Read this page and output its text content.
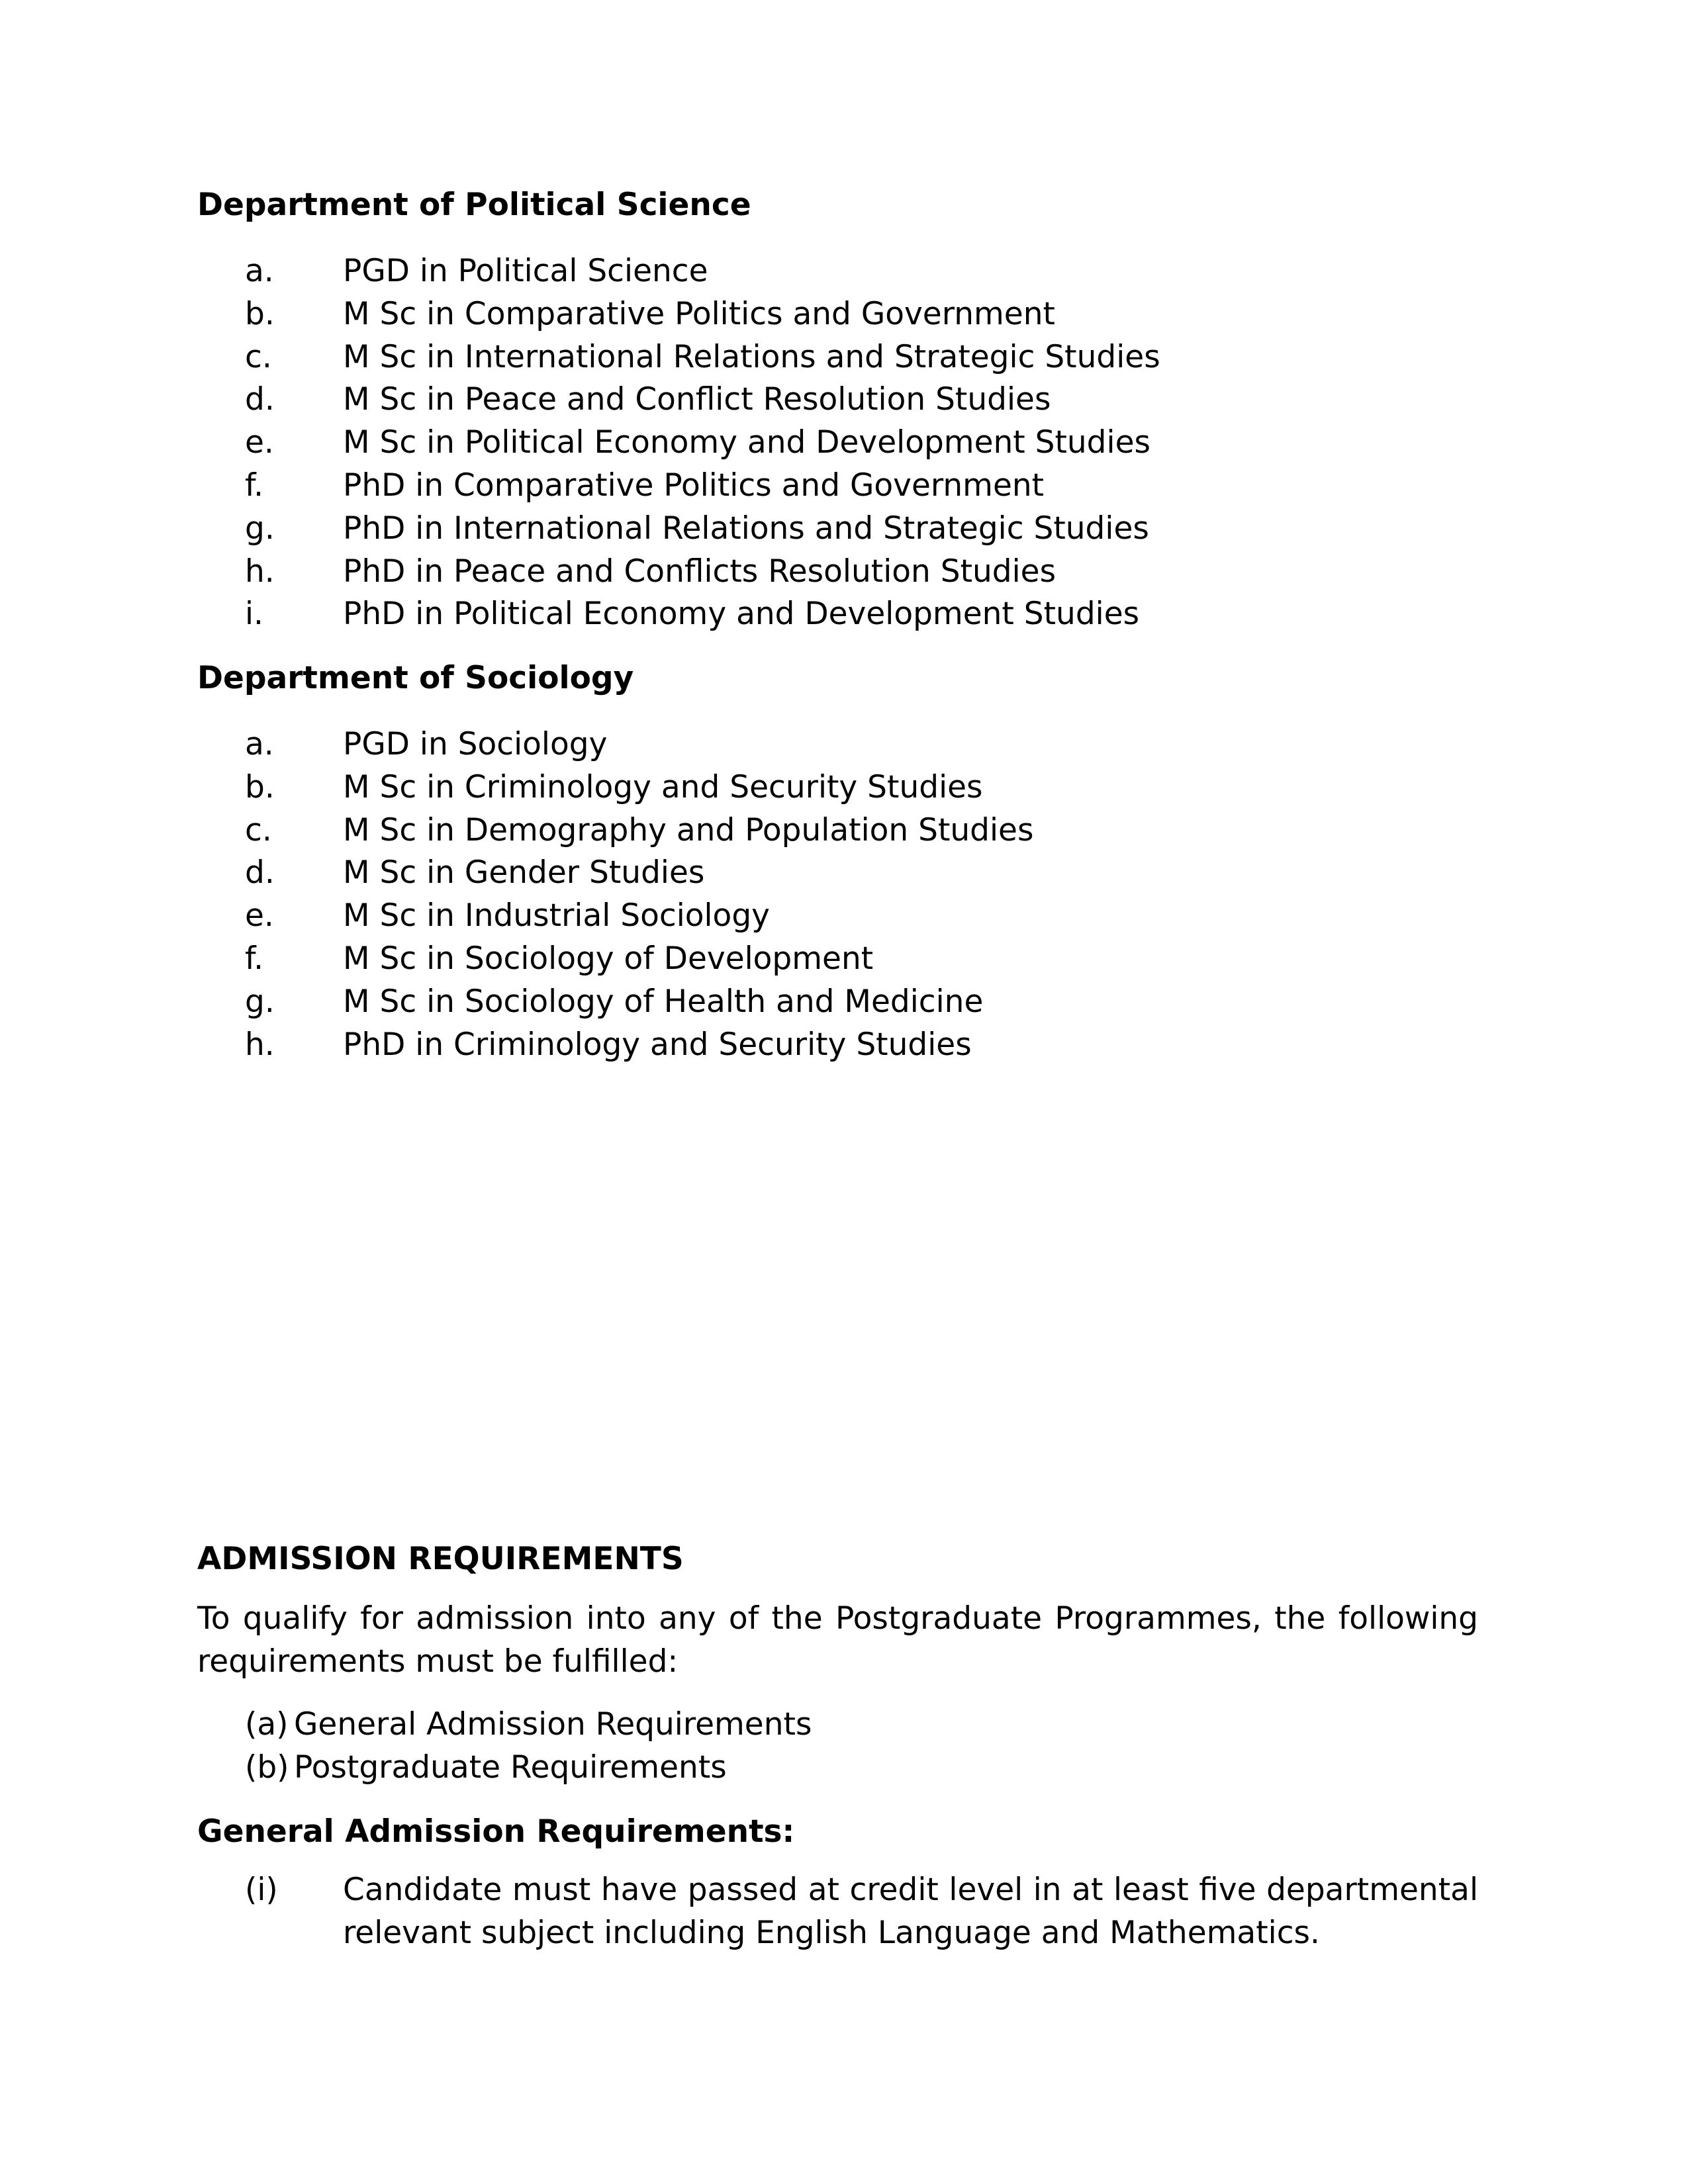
Department of Political Science
a.	PGD in Political Science
b.	M Sc in Comparative Politics and Government
c.	M Sc in International Relations and Strategic Studies
d.	M Sc in Peace and Conflict Resolution Studies
e.	M Sc in Political Economy and Development Studies
f.	PhD in Comparative Politics and Government
g.	PhD in International Relations and Strategic Studies
h.	PhD in Peace and Conflicts Resolution Studies
i.	PhD in Political Economy and Development Studies
Department of Sociology
a.	PGD in Sociology
b.	M Sc in Criminology and Security Studies
c.	M Sc in Demography and Population Studies
d.	M Sc in Gender Studies
e.	M Sc in Industrial Sociology
f.	M Sc in Sociology of Development
g.	M Sc in Sociology of Health and Medicine
h.	PhD in Criminology and Security Studies
ADMISSION REQUIREMENTS
To qualify for admission into any of the Postgraduate Programmes, the following requirements must be fulfilled:
(a) General Admission Requirements
(b) Postgraduate Requirements
General Admission Requirements:
(i) Candidate must have passed at credit level in at least five departmental relevant subject including English Language and Mathematics.
